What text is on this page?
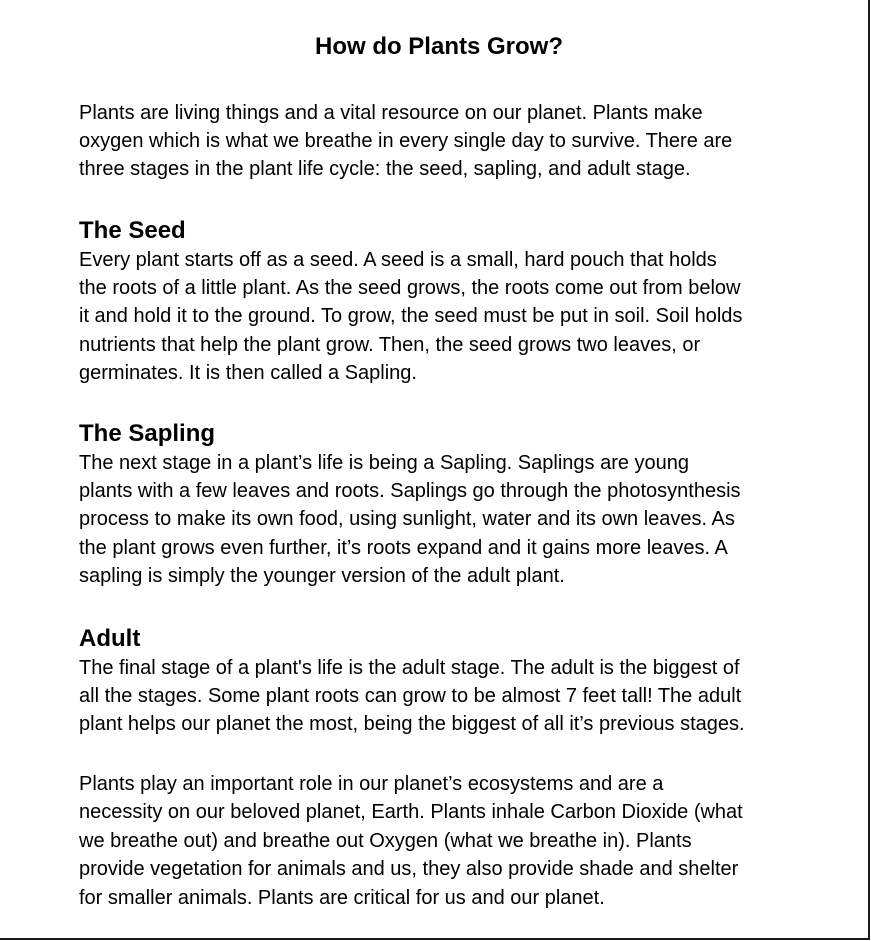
How do Plants Grow?

Plants are living things and a vital resource on our planet. Plants make
oxygen which is what we breathe in every single day to survive. There are
three stages in the plant life cycle: the seed, sapling, and adult stage.

The Seed

Every plant starts off as a seed. A seed is a small, hard pouch that holds
the roots of a little plant. As the seed grows, the roots come out from below
it and hold it to the ground. To grow, the seed must be put in soil. Soil holds
nutrients that help the plant grow. Then, the seed grows two leaves, or
germinates. It is then called a Sapling.

The Sapling

The next stage in a plant’s life is being a Sapling. Saplings are young
plants with a few leaves and roots. Saplings go through the photosynthesis
process to make its own food, using sunlight, water and its own leaves. As
the plant grows even further, it’s roots expand and it gains more leaves. A
sapling is simply the younger version of the adult plant.

Adult

The final stage of a plant's life is the adult stage. The adult is the biggest of
all the stages. Some plant roots can grow to be almost 7 feet tall! The adult
plant helps our planet the most, being the biggest of all it’s previous stages.

Plants play an important role in our planet’s ecosystems and are a
necessity on our beloved planet, Earth. Plants inhale Carbon Dioxide (what
we breathe out) and breathe out Oxygen (what we breathe in). Plants
provide vegetation for animals and us, they also provide shade and shelter
for smaller animals. Plants are critical for us and our planet.
